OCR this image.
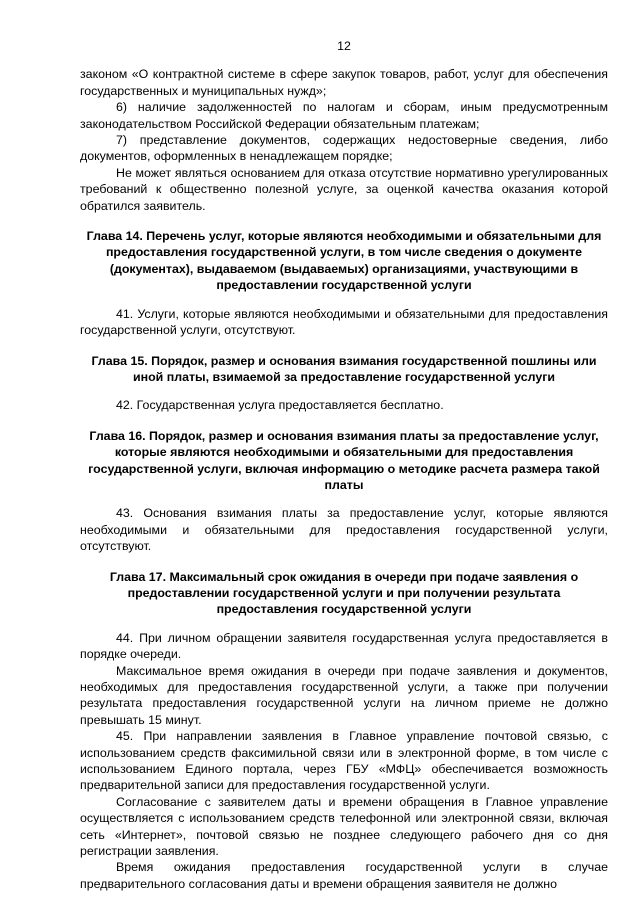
12

законом «О контрактной системе в сфере закупок товаров, работ, услуг для обеспечения государственных и муниципальных нужд»;

6) наличие задолженностей по налогам и сборам, иным предусмотренным законодательством Российской Федерации обязательным платежам;

7) представление документов, содержащих недостоверные сведения, либо документов, оформленных в ненадлежащем порядке;

Не может являться основанием для отказа отсутствие нормативно урегулированных требований к общественно полезной услуге, за оценкой качества оказания которой обратился заявитель.

Глава 14. Перечень услуг, которые являются необходимыми и обязательными для предоставления государственной услуги, в том числе сведения о документе (документах), выдаваемом (выдаваемых) организациями, участвующими в предоставлении государственной услуги

41. Услуги, которые являются необходимыми и обязательными для предоставления государственной услуги, отсутствуют.

Глава 15. Порядок, размер и основания взимания государственной пошлины или иной платы, взимаемой за предоставление государственной услуги

42. Государственная услуга предоставляется бесплатно.

Глава 16. Порядок, размер и основания взимания платы за предоставление услуг, которые являются необходимыми и обязательными для предоставления государственной услуги, включая информацию о методике расчета размера такой платы

43. Основания взимания платы за предоставление услуг, которые являются необходимыми и обязательными для предоставления государственной услуги, отсутствуют.

Глава 17. Максимальный срок ожидания в очереди при подаче заявления о предоставлении государственной услуги и при получении результата предоставления государственной услуги

44. При личном обращении заявителя государственная услуга предоставляется в порядке очереди.

Максимальное время ожидания в очереди при подаче заявления и документов, необходимых для предоставления государственной услуги, а также при получении результата предоставления государственной услуги на личном приеме не должно превышать 15 минут.

45. При направлении заявления в Главное управление почтовой связью, с использованием средств факсимильной связи или в электронной форме, в том числе с использованием Единого портала, через ГБУ «МФЦ» обеспечивается возможность предварительной записи для предоставления государственной услуги.

Согласование с заявителем даты и времени обращения в Главное управление осуществляется с использованием средств телефонной или электронной связи, включая сеть «Интернет», почтовой связью не позднее следующего рабочего дня со дня регистрации заявления.

Время ожидания предоставления государственной услуги в случае предварительного согласования даты и времени обращения заявителя не должно
